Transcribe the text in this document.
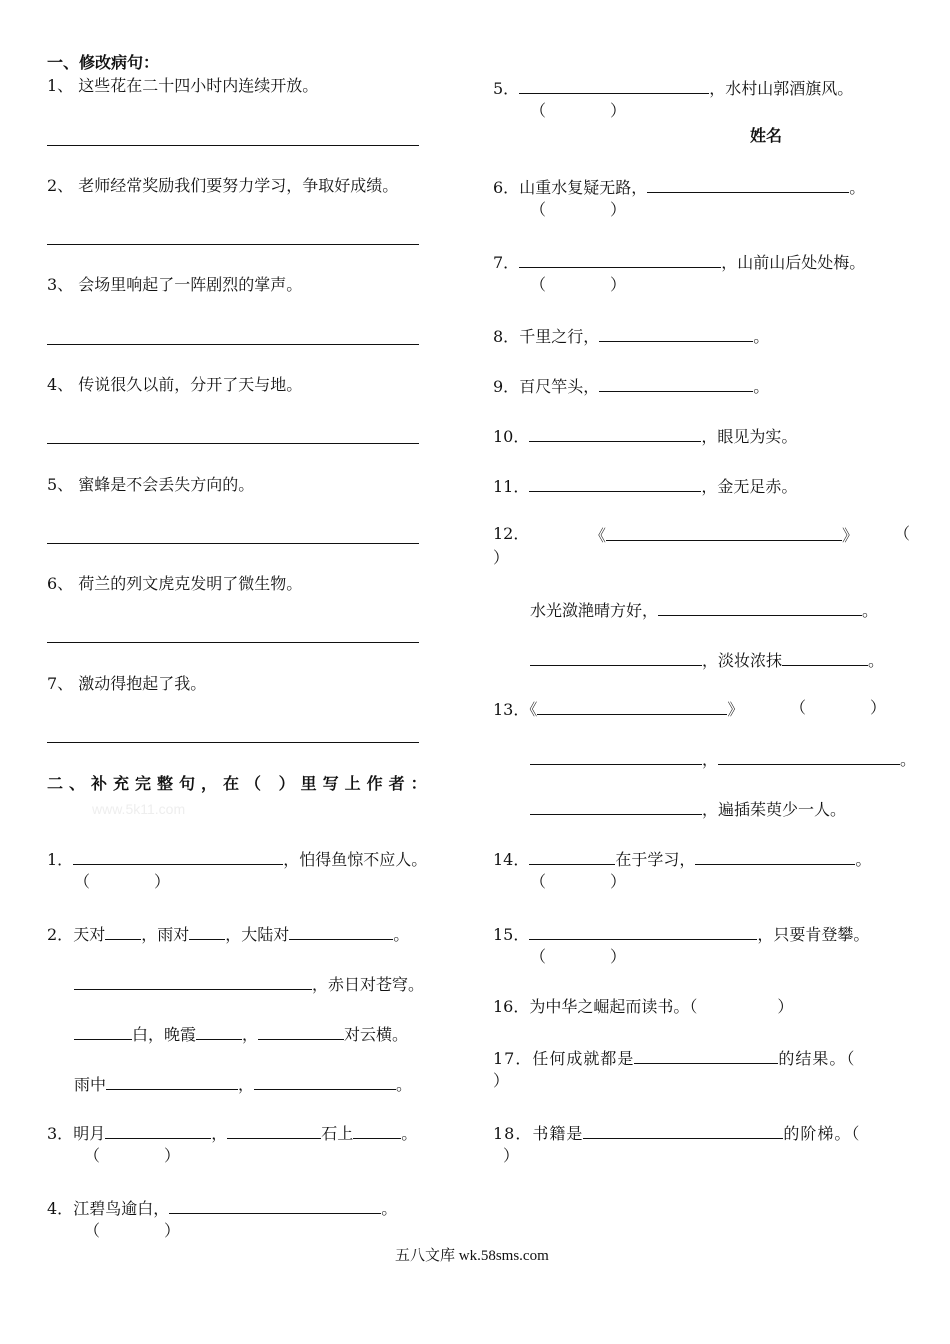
一、修改病句：
1、 这些花在二十四小时内连续开放。
2、 老师经常奖励我们要努力学习，争取好成绩。
3、 会场里响起了一阵剧烈的掌声。
4、 传说很久以前，分开了天与地。
5、 蜜蜂是不会丢失方向的。
6、 荷兰的列文虎克发明了微生物。
7、 激动得抱起了我。
二、补充完整句，在（ ）里写上作者：
www.5k11.com
1．	，怕得鱼惊不应人。
（　　　　）
2．天对 ，雨对 ，大陆对	。
，赤日对苍穹。
白，晚霞	，	对云横。
雨中	，	。
3．明月	，	石上	。
（　　　　）
4．江碧鸟逾白，	。
（　　　　）
5．	，水村山郭酒旗风。
（　　　　）
姓名
6．山重水复疑无路，	。
（　　　　）
7．	，山前山后处处梅。
（　　　　）
8．千里之行，	。
9．百尺竿头，	。
10．	，眼见为实。
11．	，金无足赤。
12．	《	》 （
）
水光潋滟晴方好，	。
，淡妆浓抹	。
13．《	》	（　　　　）
，	。
，遍插茱萸少一人。
14．	在于学习，	。
（　　　　）
15．	，只要肯登攀。
（　　　　）
16．为中华之崛起而读书。（　　　　　）
17．任何成就都是	的结果。（
）
18．书籍是	的阶梯。（
）
五八文库 wk.58sms.com
